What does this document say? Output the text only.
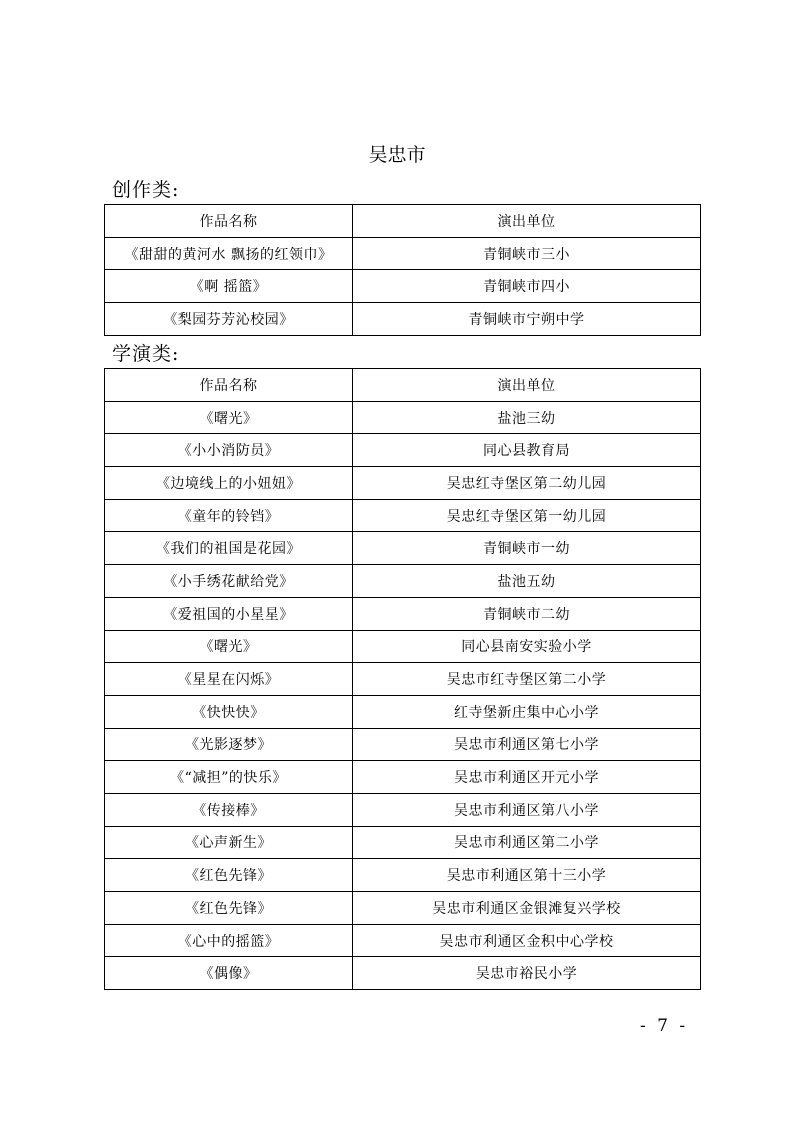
吴忠市
创作类:
作品名称	演出单位
《甜甜的黄河水 飘扬的红领巾》	青铜峡市三小
《啊 摇篮》	青铜峡市四小
《梨园芬芳沁校园》	青铜峡市宁朔中学
学演类:
作品名称	演出单位
《曙光》	盐池三幼
《小小消防员》	同心县教育局
《边境线上的小妞妞》	吴忠红寺堡区第二幼儿园
《童年的铃铛》	吴忠红寺堡区第一幼儿园
《我们的祖国是花园》	青铜峡市一幼
《小手绣花献给党》	盐池五幼
《爱祖国的小星星》	青铜峡市二幼
《曙光》	同心县南安实验小学
《星星在闪烁》	吴忠市红寺堡区第二小学
《快快快》	红寺堡新庄集中心小学
《光影逐梦》	吴忠市利通区第七小学
《“减担”的快乐》	吴忠市利通区开元小学
《传接棒》	吴忠市利通区第八小学
《心声新生》	吴忠市利通区第二小学
《红色先锋》	吴忠市利通区第十三小学
《红色先锋》	吴忠市利通区金银滩复兴学校
《心中的摇篮》	吴忠市利通区金积中心学校
《偶像》	吴忠市裕民小学
- 7 -
